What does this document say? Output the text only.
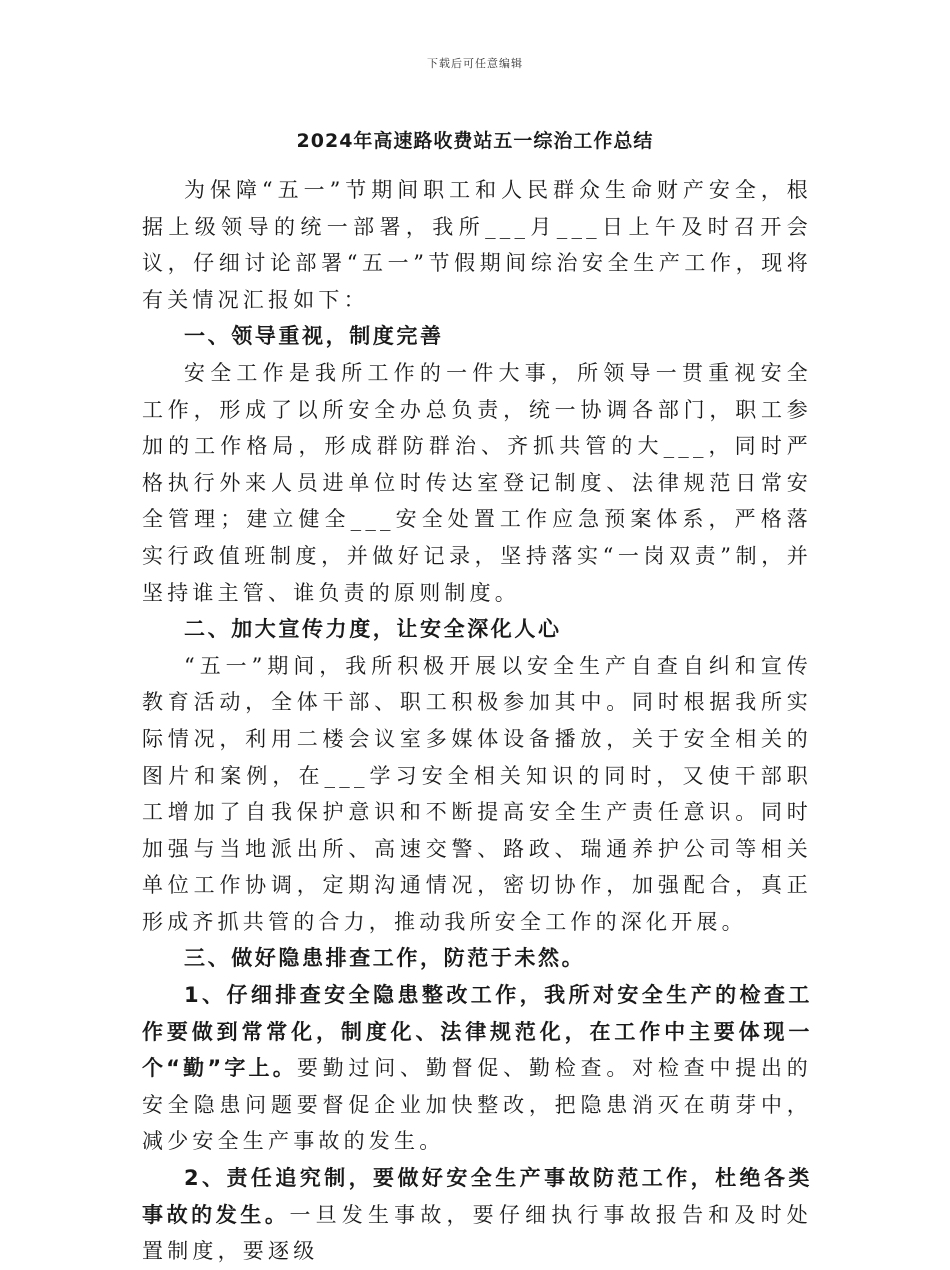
下载后可任意编辑
2024年高速路收费站五一综治工作总结

为保障“五一”节期间职工和人民群众生命财产安全，根据上级领导的统一部署，我所___月___日上午及时召开会议，仔细讨论部署“五一”节假期间综治安全生产工作，现将有关情况汇报如下：

一、领导重视，制度完善

安全工作是我所工作的一件大事，所领导一贯重视安全工作，形成了以所安全办总负责，统一协调各部门，职工参加的工作格局，形成群防群治、齐抓共管的大___，同时严格执行外来人员进单位时传达室登记制度、法律规范日常安全管理；建立健全___安全处置工作应急预案体系，严格落实行政值班制度，并做好记录，坚持落实“一岗双责”制，并坚持谁主管、谁负责的原则制度。

二、加大宣传力度，让安全深化人心

“五一”期间，我所积极开展以安全生产自查自纠和宣传教育活动，全体干部、职工积极参加其中。同时根据我所实际情况，利用二楼会议室多媒体设备播放，关于安全相关的图片和案例，在___学习安全相关知识的同时，又使干部职工增加了自我保护意识和不断提高安全生产责任意识。同时加强与当地派出所、高速交警、路政、瑞通养护公司等相关单位工作协调，定期沟通情况，密切协作，加强配合，真正形成齐抓共管的合力，推动我所安全工作的深化开展。

三、做好隐患排查工作，防范于未然。

1、仔细排查安全隐患整改工作，我所对安全生产的检查工作要做到常常化，制度化、法律规范化，在工作中主要体现一个“勤”字上。要勤过问、勤督促、勤检查。对检查中提出的安全隐患问题要督促企业加快整改，把隐患消灭在萌芽中，减少安全生产事故的发生。

2、责任追究制，要做好安全生产事故防范工作，杜绝各类事故的发生。一旦发生事故，要仔细执行事故报告和及时处置制度，要逐级
